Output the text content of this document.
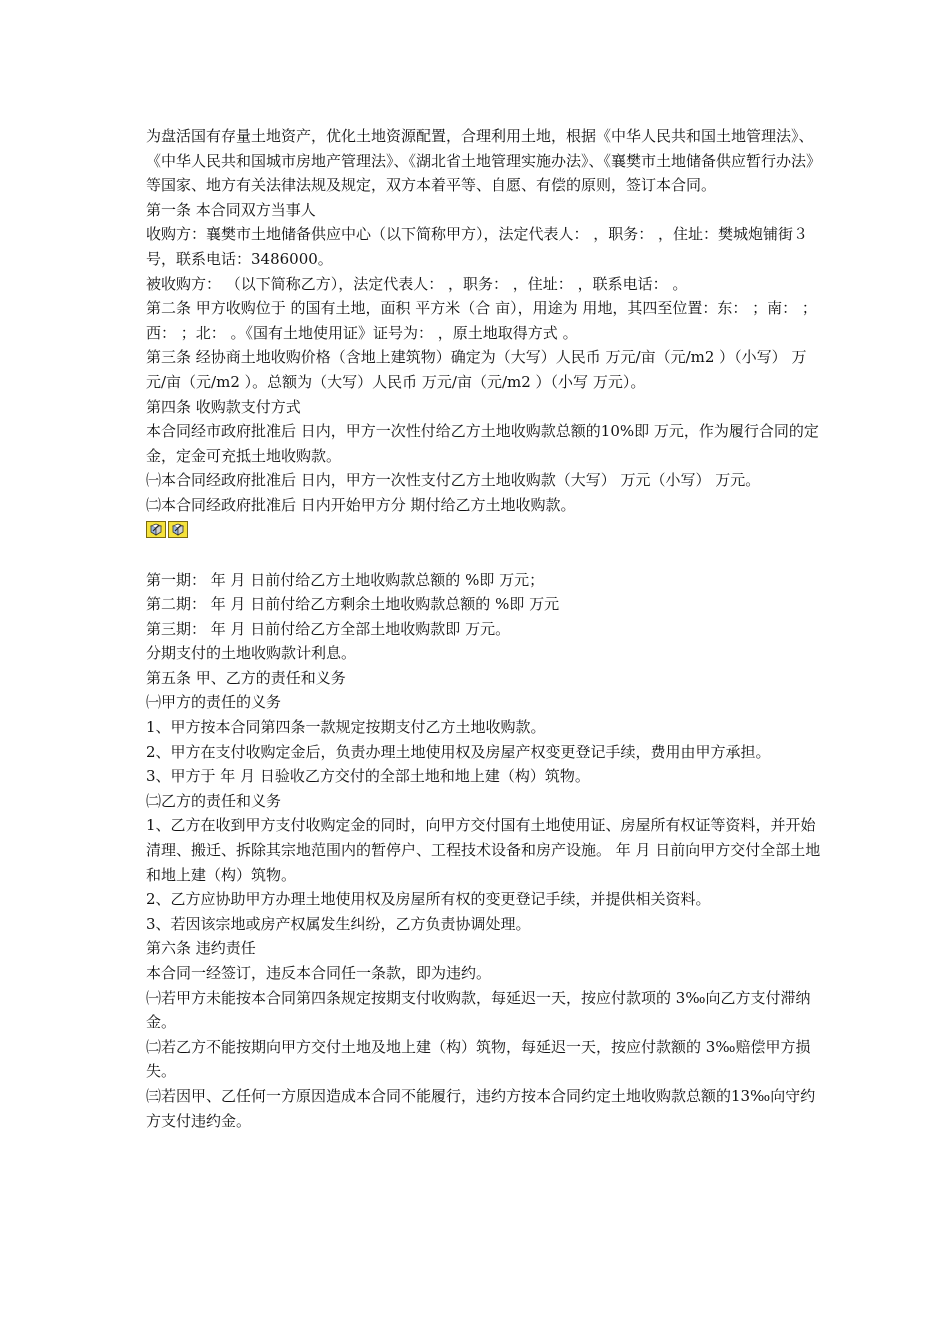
为盘活国有存量土地资产，优化土地资源配置，合理利用土地，根据《中华人民共和国土地管理法》、《中华人民共和国城市房地产管理法》、《湖北省土地管理实施办法》、《襄樊市土地储备供应暂行办法》等国家、地方有关法律法规及规定，双方本着平等、自愿、有偿的原则，签订本合同。

第一条 本合同双方当事人

收购方：襄樊市土地储备供应中心（以下简称甲方），法定代表人： ，职务： ，住址：樊城炮铺街３号，联系电话：3486000。

被收购方： （以下简称乙方），法定代表人： ，职务： ，住址： ，联系电话： 。

第二条 甲方收购位于 的国有土地，面积 平方米（合 亩），用途为 用地，其四至位置：东： ；南： ；西： ；北： 。《国有土地使用证》证号为： ，原土地取得方式 。

第三条 经协商土地收购价格（含地上建筑物）确定为（大写）人民币 万元/亩（元/m2 ）（小写） 万元/亩（元/m2 ）。总额为（大写）人民币 万元/亩（元/m2 ）（小写 万元）。

第四条 收购款支付方式

本合同经市政府批准后 日内，甲方一次性付给乙方土地收购款总额的10%即 万元，作为履行合同的定金，定金可充抵土地收购款。

㈠本合同经政府批准后 日内，甲方一次性支付乙方土地收购款（大写） 万元（小写） 万元。

㈡本合同经政府批准后 日内开始甲方分 期付给乙方土地收购款。

第一期： 年 月 日前付给乙方土地收购款总额的 %即 万元；

第二期： 年 月 日前付给乙方剩余土地收购款总额的 %即 万元

第三期： 年 月 日前付给乙方全部土地收购款即 万元。

分期支付的土地收购款计利息。

第五条 甲、乙方的责任和义务

㈠甲方的责任的义务

1、甲方按本合同第四条一款规定按期支付乙方土地收购款。

2、甲方在支付收购定金后，负责办理土地使用权及房屋产权变更登记手续，费用由甲方承担。

3、甲方于 年 月 日验收乙方交付的全部土地和地上建（构）筑物。

㈡乙方的责任和义务

1、乙方在收到甲方支付收购定金的同时，向甲方交付国有土地使用证、房屋所有权证等资料，并开始清理、搬迁、拆除其宗地范围内的暂停户、工程技术设备和房产设施。 年 月 日前向甲方交付全部土地和地上建（构）筑物。

2、乙方应协助甲方办理土地使用权及房屋所有权的变更登记手续，并提供相关资料。

3、若因该宗地或房产权属发生纠纷，乙方负责协调处理。

第六条 违约责任

本合同一经签订，违反本合同任一条款，即为违约。

㈠若甲方未能按本合同第四条规定按期支付收购款，每延迟一天，按应付款项的 3‰向乙方支付滞纳金。

㈡若乙方不能按期向甲方交付土地及地上建（构）筑物，每延迟一天，按应付款额的 3‰赔偿甲方损失。

㈢若因甲、乙任何一方原因造成本合同不能履行，违约方按本合同约定土地收购款总额的13‰向守约方支付违约金。
